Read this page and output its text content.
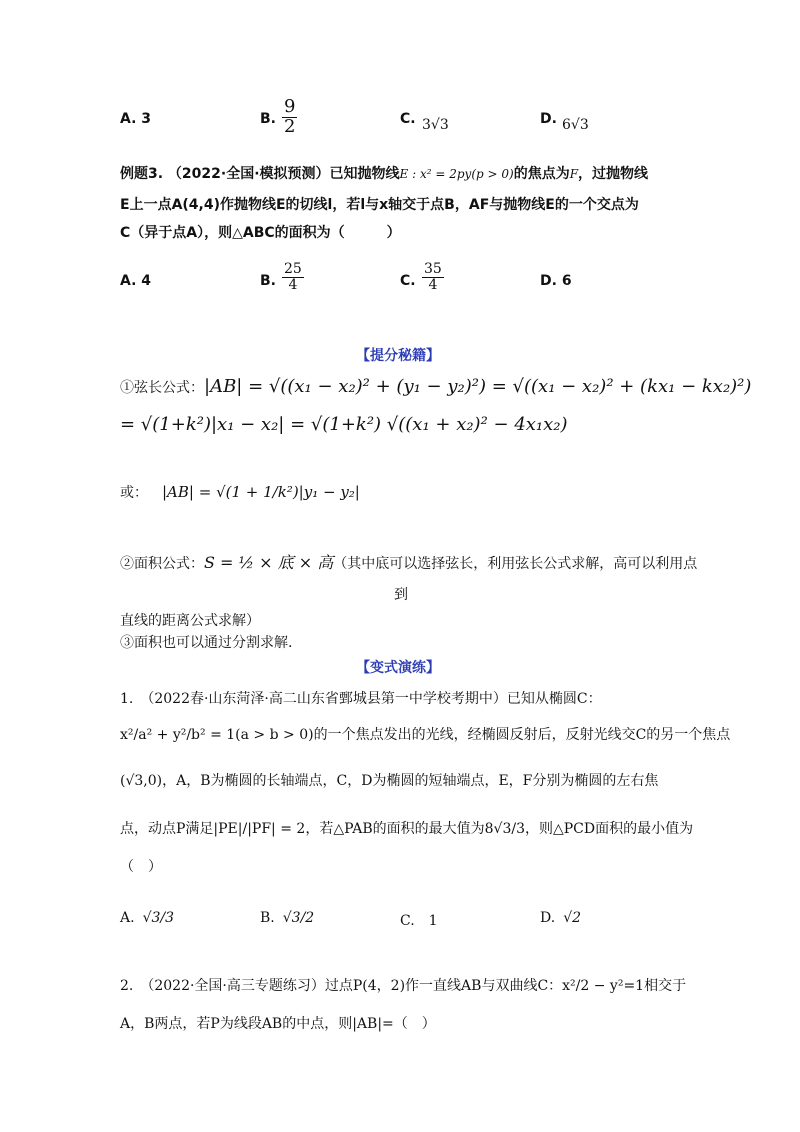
A. 3	B. $\frac{9}{2}$	C. 3√3	D. 6√3
例题3. （2022·全国·模拟预测）已知抛物线E : x² = 2py(p > 0)的焦点为F，过抛物线
E上一点A(4,4)作抛物线E的切线l，若l与x轴交于点B，AF与抛物线E的一个交点为
C（异于点A），则△ABC的面积为（　　　）
A. 4	B. $\frac{25}{4}$	C. $\frac{35}{4}$	D. 6
【提分秘籍】
①弦长公式：|AB| = √((x₁ − x₂)² + (y₁ − y₂)²) = √((x₁ − x₂)² + (kx₁ − kx₂)²)
= √(1+k²)|x₁ − x₂| = √(1+k²) √((x₁ + x₂)² − 4x₁x₂)
或： |AB| = √(1 + 1/k²)|y₁ − y₂|
②面积公式：S = ½ × 底 × 高（其中底可以选择弦长，利用弦长公式求解，高可以利用点
到
直线的距离公式求解）
③面积也可以通过分割求解.
【变式演练】
1.　（2022春·山东菏泽·高二山东省鄄城县第一中学校考期中）已知从椭圆C：
x²/a² + y²/b² = 1(a > b > 0)的一个焦点发出的光线，经椭圆反射后，反射光线交C的另一个焦点
(√3,0)，A，B为椭圆的长轴端点，C，D为椭圆的短轴端点，E，F分别为椭圆的左右焦
点，动点P满足|PE|/|PF| = 2，若△PAB的面积的最大值为8√3/3，则△PCD面积的最小值为
（　）
A. √3/3	B. √3/2	C.　1	D. √2
2.　（2022·全国·高三专题练习）过点P(4，2)作一直线AB与双曲线C：x²/2 − y²=1相交于
A，B两点，若P为线段AB的中点，则|AB|=（　）
